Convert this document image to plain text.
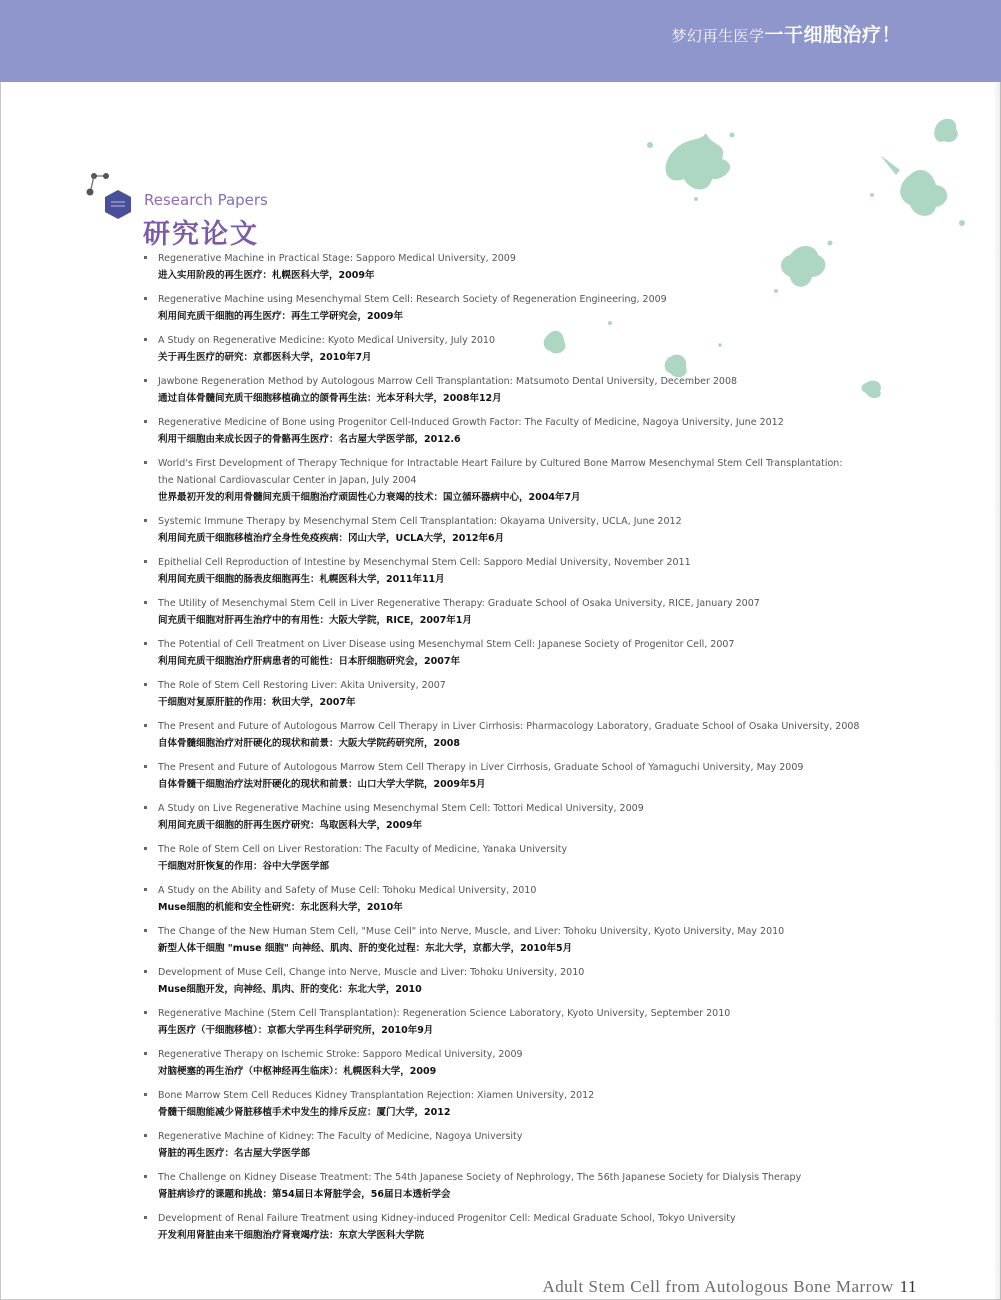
梦幻再生医学一干细胞治疗！
Research Papers
研究论文
Regenerative Machine in Practical Stage: Sapporo Medical University, 2009
进入实用阶段的再生医疗：札幌医科大学，2009年
Regenerative Machine using Mesenchymal Stem Cell: Research Society of Regeneration Engineering, 2009
利用间充质干细胞的再生医疗：再生工学研究会，2009年
A Study on Regenerative Medicine: Kyoto Medical University, July 2010
关于再生医疗的研究：京都医科大学，2010年7月
Jawbone Regeneration Method by Autologous Marrow Cell Transplantation: Matsumoto Dental University, December 2008
通过自体骨髓间充质干细胞移植确立的颌骨再生法：光本牙科大学，2008年12月
Regenerative Medicine of Bone using Progenitor Cell-Induced Growth Factor: The Faculty of Medicine, Nagoya University, June 2012
利用干细胞由来成长因子的骨骼再生医疗：名古屋大学医学部，2012.6
World's First Development of Therapy Technique for Intractable Heart Failure by Cultured Bone Marrow Mesenchymal Stem Cell Transplantation:
the National Cardiovascular Center in Japan, July 2004
世界最初开发的利用骨髓间充质干细胞治疗顽固性心力衰竭的技术：国立循环器病中心，2004年7月
Systemic Immune Therapy by Mesenchymal Stem Cell Transplantation: Okayama University, UCLA, June 2012
利用间充质干细胞移植治疗全身性免疫疾病：冈山大学，UCLA大学，2012年6月
Epithelial Cell Reproduction of Intestine by Mesenchymal Stem Cell: Sapporo Medial University, November 2011
利用间充质干细胞的肠表皮细胞再生：札幌医科大学，2011年11月
The Utility of Mesenchymal Stem Cell in Liver Regenerative Therapy: Graduate School of Osaka University, RICE, January 2007
间充质干细胞对肝再生治疗中的有用性：大阪大学院，RICE，2007年1月
The Potential of Cell Treatment on Liver Disease using Mesenchymal Stem Cell: Japanese Society of Progenitor Cell, 2007
利用间充质干细胞治疗肝病患者的可能性：日本肝细胞研究会，2007年
The Role of Stem Cell Restoring Liver: Akita University, 2007
干细胞对复原肝脏的作用：秋田大学，2007年
The Present and Future of Autologous Marrow Cell Therapy in Liver Cirrhosis: Pharmacology Laboratory, Graduate School of Osaka University, 2008
自体骨髓细胞治疗对肝硬化的现状和前景：大阪大学院药研究所，2008
The Present and Future of Autologous Marrow Stem Cell Therapy in Liver Cirrhosis, Graduate School of Yamaguchi University, May 2009
自体骨髓干细胞治疗法对肝硬化的现状和前景：山口大学大学院，2009年5月
A Study on Live Regenerative Machine using Mesenchymal Stem Cell: Tottori Medical University, 2009
利用间充质干细胞的肝再生医疗研究：鸟取医科大学，2009年
The Role of Stem Cell on Liver Restoration: The Faculty of Medicine, Yanaka University
干细胞对肝恢复的作用：谷中大学医学部
A Study on the Ability and Safety of Muse Cell: Tohoku Medical University, 2010
Muse细胞的机能和安全性研究：东北医科大学，2010年
The Change of the New Human Stem Cell, "Muse Cell" into Nerve, Muscle, and Liver: Tohoku University, Kyoto University, May 2010
新型人体干细胞 "muse 细胞" 向神经、肌肉、肝的变化过程：东北大学，京都大学，2010年5月
Development of Muse Cell, Change into Nerve, Muscle and Liver: Tohoku University, 2010
Muse细胞开发，向神经、肌肉、肝的变化：东北大学，2010
Regenerative Machine (Stem Cell Transplantation): Regeneration Science Laboratory, Kyoto University, September 2010
再生医疗（干细胞移植）：京都大学再生科学研究所，2010年9月
Regenerative Therapy on Ischemic Stroke: Sapporo Medical University, 2009
对脑梗塞的再生治疗（中枢神经再生临床）：札幌医科大学，2009
Bone Marrow Stem Cell Reduces Kidney Transplantation Rejection: Xiamen University, 2012
骨髓干细胞能减少肾脏移植手术中发生的排斥反应：厦门大学，2012
Regenerative Machine of Kidney: The Faculty of Medicine, Nagoya University
肾脏的再生医疗：名古屋大学医学部
The Challenge on Kidney Disease Treatment: The 54th Japanese Society of Nephrology, The 56th Japanese Society for Dialysis Therapy
肾脏病诊疗的课题和挑战：第54届日本肾脏学会，56届日本透析学会
Development of Renal Failure Treatment using Kidney-induced Progenitor Cell: Medical Graduate School, Tokyo University
开发利用肾脏由来干细胞治疗肾衰竭疗法：东京大学医科大学院
Adult Stem Cell from Autologous Bone Marrow 11
